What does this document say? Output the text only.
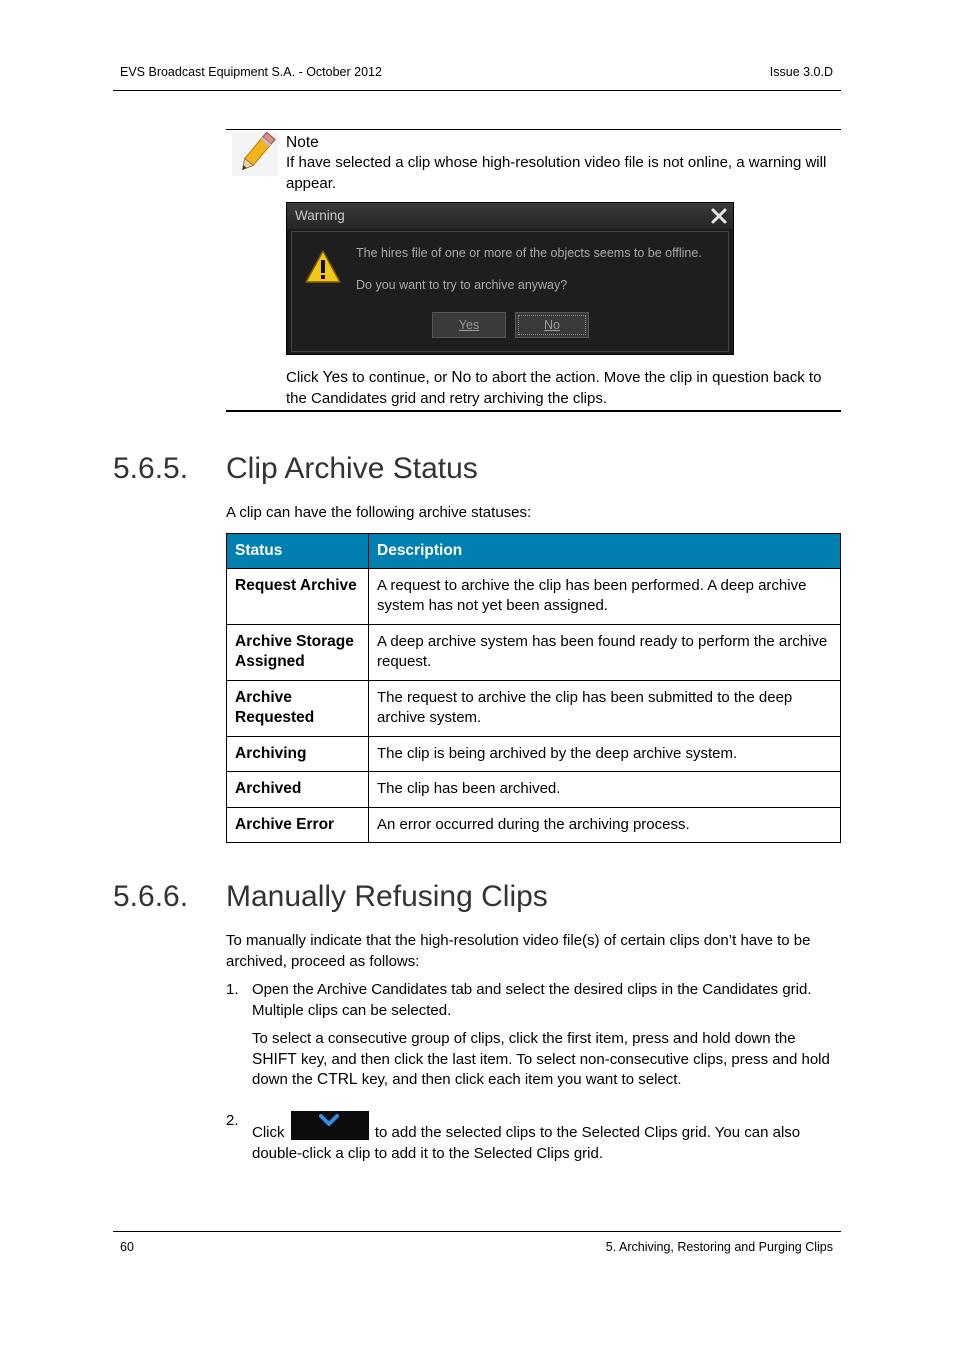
EVS Broadcast Equipment S.A. - October 2012	Issue 3.0.D
Note
If have selected a clip whose high-resolution video file is not online, a warning will appear.
Warning
The hires file of one or more of the objects seems to be offline.
Do you want to try to archive anyway?
Yes	No
Click Yes to continue, or No to abort the action. Move the clip in question back to the Candidates grid and retry archiving the clips.
5.6.5. Clip Archive Status
A clip can have the following archive statuses:
Status	Description
Request Archive	A request to archive the clip has been performed. A deep archive system has not yet been assigned.
Archive Storage Assigned	A deep archive system has been found ready to perform the archive request.
Archive Requested	The request to archive the clip has been submitted to the deep archive system.
Archiving	The clip is being archived by the deep archive system.
Archived	The clip has been archived.
Archive Error	An error occurred during the archiving process.
5.6.6. Manually Refusing Clips
To manually indicate that the high-resolution video file(s) of certain clips don’t have to be archived, proceed as follows:
1. Open the Archive Candidates tab and select the desired clips in the Candidates grid. Multiple clips can be selected.
To select a consecutive group of clips, click the first item, press and hold down the SHIFT key, and then click the last item. To select non-consecutive clips, press and hold down the CTRL key, and then click each item you want to select.
2.
Click	to add the selected clips to the Selected Clips grid. You can also double-click a clip to add it to the Selected Clips grid.
60	5. Archiving, Restoring and Purging Clips
